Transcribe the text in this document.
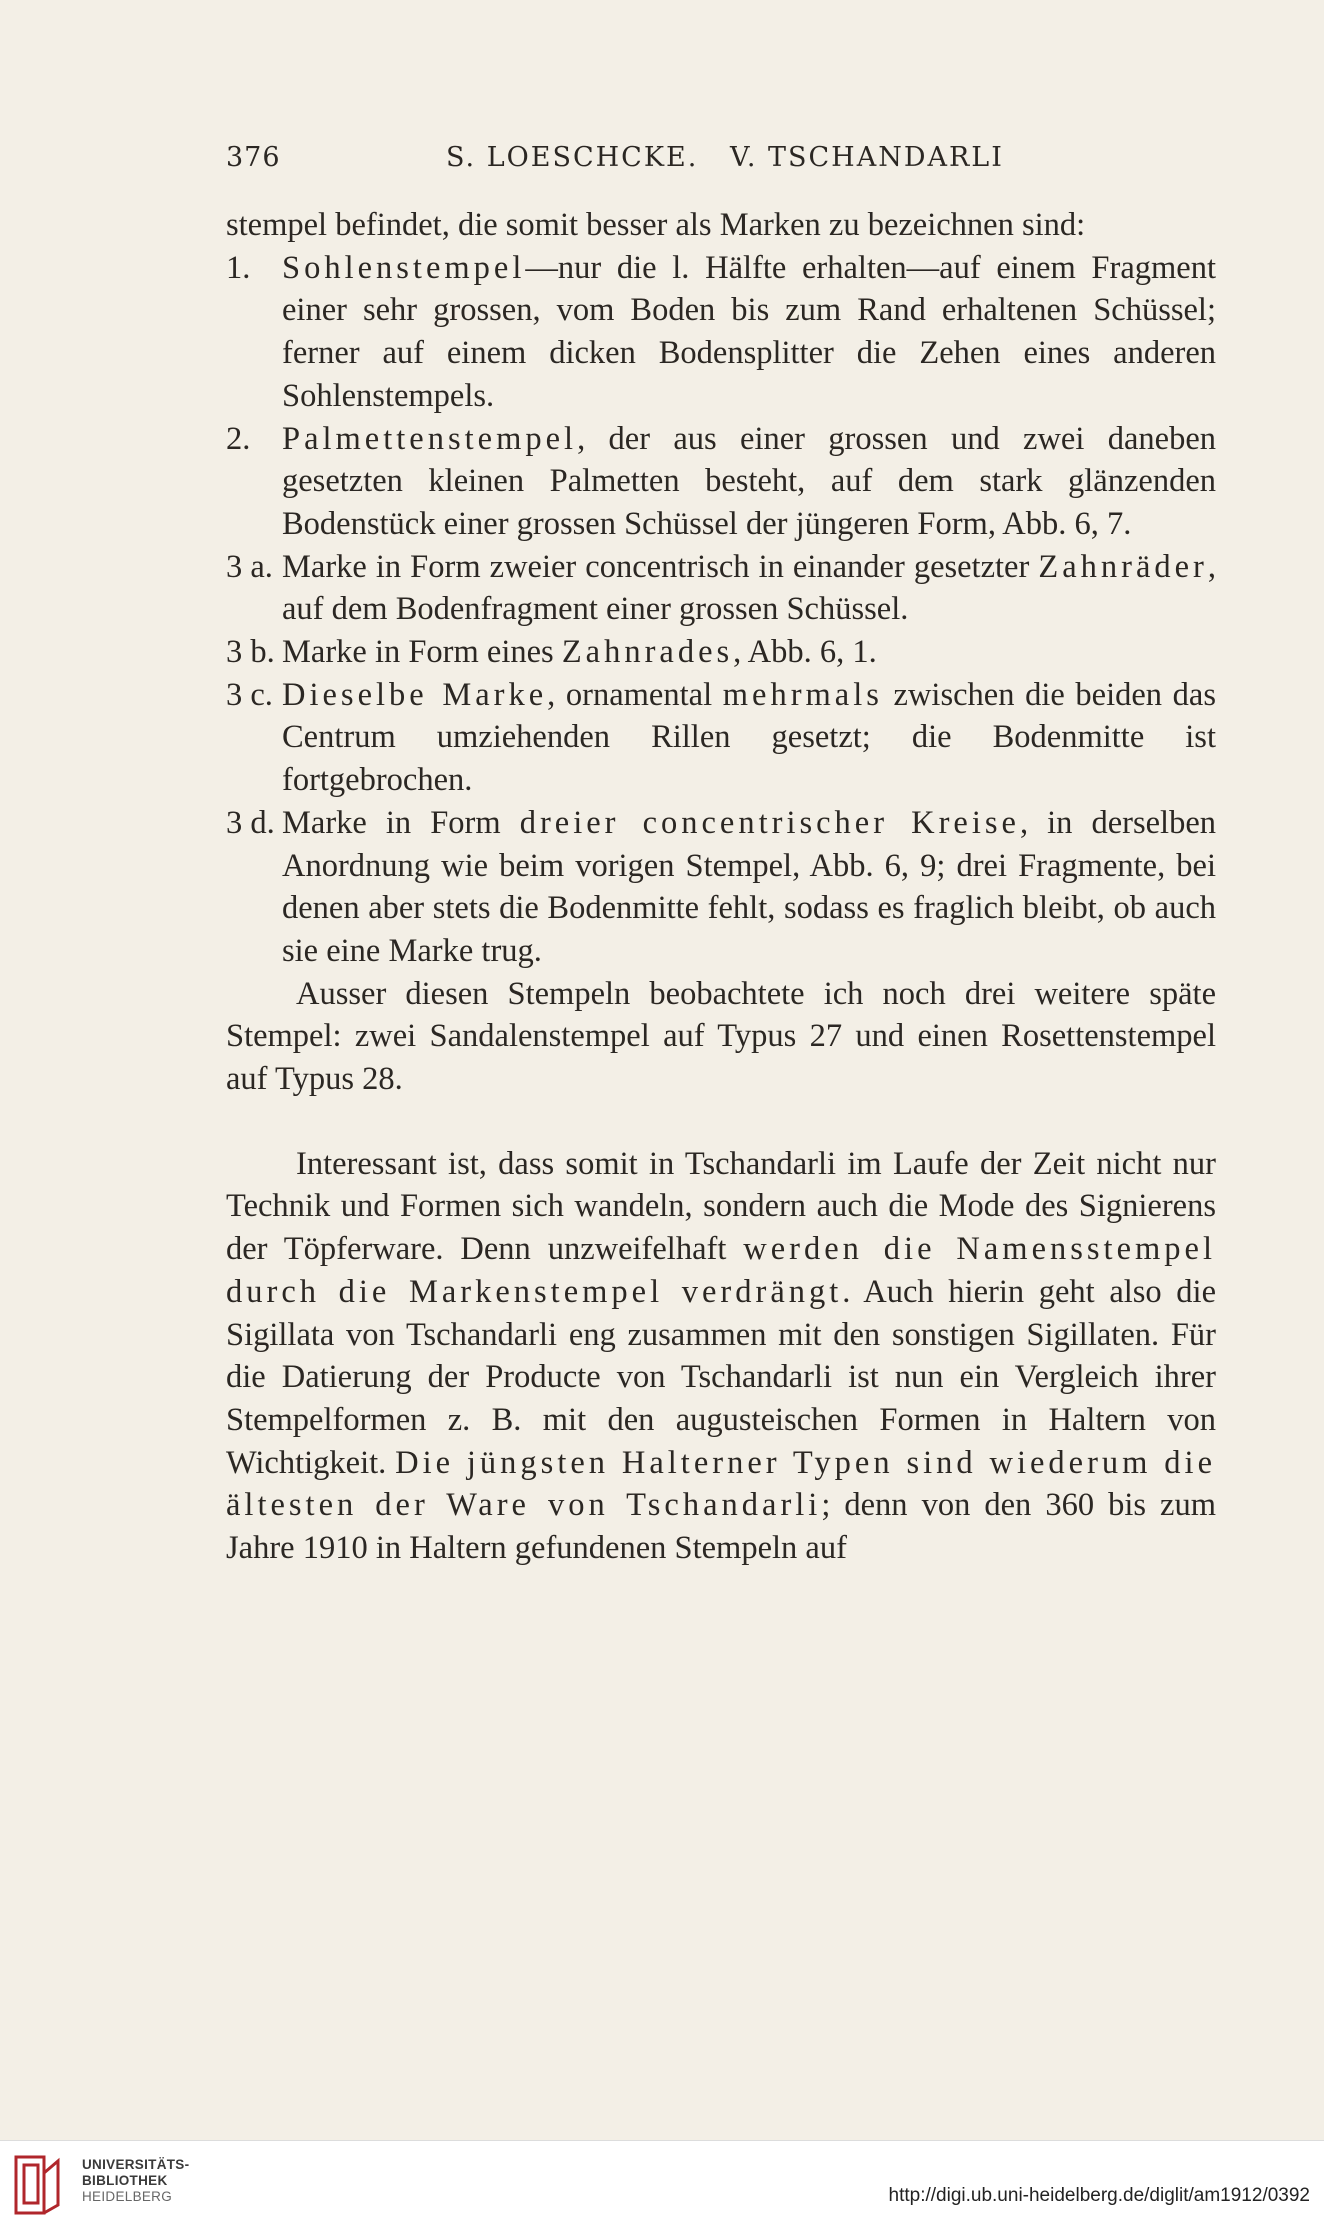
376	S. LOESCHCKE.   V. TSCHANDARLI

stempel befindet, die somit besser als Marken zu bezeichnen sind:

1. Sohlenstempel—nur die l. Hälfte erhalten—auf einem Fragment einer sehr grossen, vom Boden bis zum Rand erhaltenen Schüssel; ferner auf einem dicken Bodensplitter die Zehen eines anderen Sohlenstempels.
2. Palmettenstempel, der aus einer grossen und zwei daneben gesetzten kleinen Palmetten besteht, auf dem stark glänzenden Bodenstück einer grossen Schüssel der jüngeren Form, Abb. 6, 7.
3 a. Marke in Form zweier concentrisch in einander gesetzter Zahnräder, auf dem Bodenfragment einer grossen Schüssel.
3 b. Marke in Form eines Zahnrades, Abb. 6, 1.
3 c. Dieselbe Marke, ornamental mehrmals zwischen die beiden das Centrum umziehenden Rillen gesetzt; die Bodenmitte ist fortgebrochen.
3 d. Marke in Form dreier concentrischer Kreise, in derselben Anordnung wie beim vorigen Stempel, Abb. 6, 9; drei Fragmente, bei denen aber stets die Bodenmitte fehlt, sodass es fraglich bleibt, ob auch sie eine Marke trug.

Ausser diesen Stempeln beobachtete ich noch drei weitere späte Stempel: zwei Sandalenstempel auf Typus 27 und einen Rosettenstempel auf Typus 28.

Interessant ist, dass somit in Tschandarli im Laufe der Zeit nicht nur Technik und Formen sich wandeln, sondern auch die Mode des Signierens der Töpferware. Denn unzweifelhaft werden die Namensstempel durch die Markenstempel verdrängt. Auch hierin geht also die Sigillata von Tschandarli eng zusammen mit den sonstigen Sigillaten. Für die Datierung der Producte von Tschandarli ist nun ein Vergleich ihrer Stempelformen z. B. mit den augusteischen Formen in Haltern von Wichtigkeit. Die jüngsten Halterner Typen sind wiederum die ältesten der Ware von Tschandarli; denn von den 360 bis zum Jahre 1910 in Haltern gefundenen Stempeln auf

UNIVERSITÄTS-
BIBLIOTHEK
HEIDELBERG	http://digi.ub.uni-heidelberg.de/diglit/am1912/0392
